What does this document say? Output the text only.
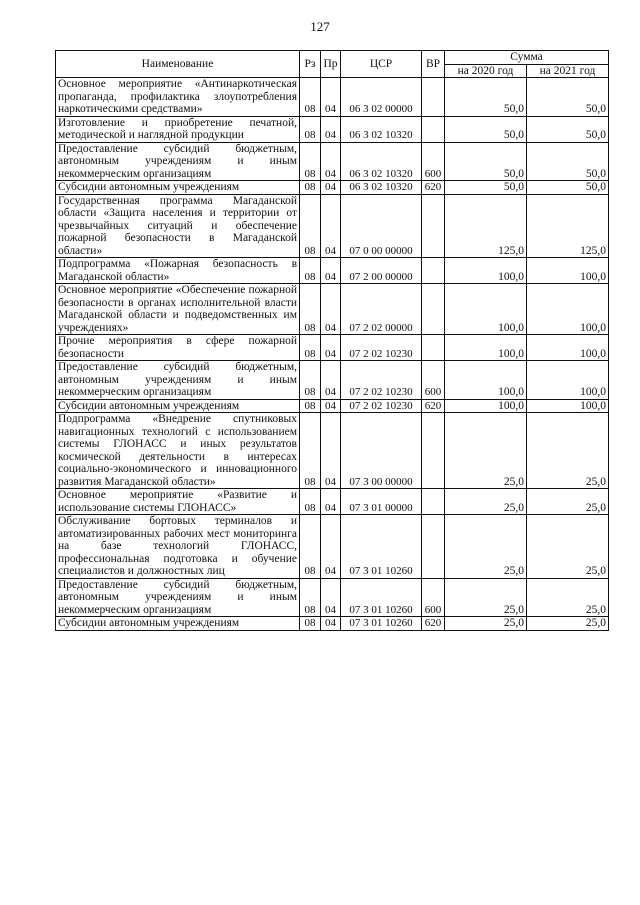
127
Наименование	Рз	Пр	ЦСР	ВР	Сумма	
					на 2020 год	на 2021 год
Основное мероприятие «Антинаркотическая пропаганда, профилактика злоупотребления наркотическими средствами»	08	04	06 3 02 00000		50,0	50,0
Изготовление и приобретение печатной, методической и наглядной продукции	08	04	06 3 02 10320		50,0	50,0
Предоставление субсидий бюджетным, автономным учреждениям и иным некоммерческим организациям	08	04	06 3 02 10320	600	50,0	50,0
Субсидии автономным учреждениям	08	04	06 3 02 10320	620	50,0	50,0
Государственная программа Магаданской области «Защита населения и территории от чрезвычайных ситуаций и обеспечение пожарной безопасности в Магаданской области»	08	04	07 0 00 00000		125,0	125,0
Подпрограмма «Пожарная безопасность в Магаданской области»	08	04	07 2 00 00000		100,0	100,0
Основное мероприятие «Обеспечение пожарной безопасности в органах исполнительной власти Магаданской области и подведомственных им учреждениях»	08	04	07 2 02 00000		100,0	100,0
Прочие мероприятия в сфере пожарной безопасности	08	04	07 2 02 10230		100,0	100,0
Предоставление субсидий бюджетным, автономным учреждениям и иным некоммерческим организациям	08	04	07 2 02 10230	600	100,0	100,0
Субсидии автономным учреждениям	08	04	07 2 02 10230	620	100,0	100,0
Подпрограмма «Внедрение спутниковых навигационных технологий с использованием системы ГЛОНАСС и иных результатов космической деятельности в интересах социально-экономического и инновационного развития Магаданской области»	08	04	07 3 00 00000		25,0	25,0
Основное мероприятие «Развитие и использование системы ГЛОНАСС»	08	04	07 3 01 00000		25,0	25,0
Обслуживание бортовых терминалов и автоматизированных рабочих мест мониторинга на базе технологий ГЛОНАСС, профессиональная подготовка и обучение специалистов и должностных лиц	08	04	07 3 01 10260		25,0	25,0
Предоставление субсидий бюджетным, автономным учреждениям и иным некоммерческим организациям	08	04	07 3 01 10260	600	25,0	25,0
Субсидии автономным учреждениям	08	04	07 3 01 10260	620	25,0	25,0
